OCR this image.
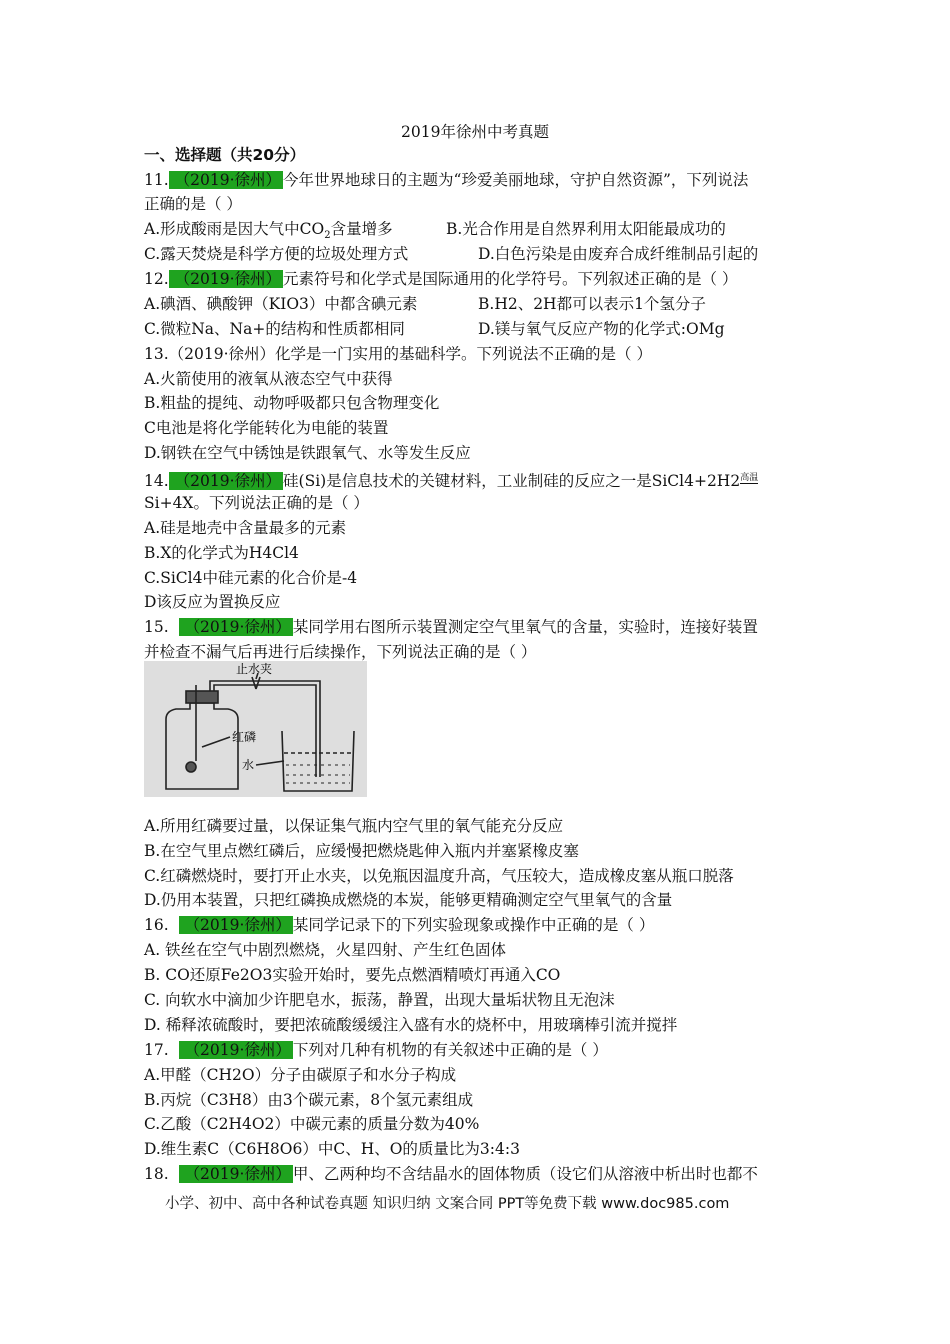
2019年徐州中考真题
一、选择题（共20分）
11. （2019·徐州） 今年世界地球日的主题为“珍爱美丽地球，守护自然资源”，下列说法
正确的是（ ）
A.形成酸雨是因大气中$CO_2$含量增多	B.光合作用是自然界利用太阳能最成功的
C.露天焚烧是科学方便的垃圾处理方式	D.白色污染是由废弃合成纤维制品引起的
12. （2019·徐州） 元素符号和化学式是国际通用的化学符号。下列叙述正确的是（ ）
A.碘酒、碘酸钾（KIO3）中都含碘元素	B.H2、2H都可以表示1个氢分子
C.微粒Na、Na+的结构和性质都相同	D.镁与氧气反应产物的化学式:OMg
13.（2019·徐州）化学是一门实用的基础科学。下列说法不正确的是（ ）
A.火箭使用的液氧从液态空气中获得
B.粗盐的提纯、动物呼吸都只包含物理变化
C电池是将化学能转化为电能的装置
D.钢铁在空气中锈蚀是铁跟氧气、水等发生反应
14. （2019·徐州） 硅(Si)是信息技术的关键材料，工业制硅的反应之一是$SiCl4+2H2^{高温}$
Si+4X。下列说法正确的是（ ）
A.硅是地壳中含量最多的元素
B.X的化学式为H4Cl4
C.SiCl4中硅元素的化合价是-4
D该反应为置换反应
15. （2019·徐州） 某同学用右图所示装置测定空气里氧气的含量，实验时，连接好装置
并检查不漏气后再进行后续操作，下列说法正确的是（ ）
止水夹
红磷
水
A.所用红磷要过量，以保证集气瓶内空气里的氧气能充分反应
B.在空气里点燃红磷后，应缓慢把燃烧匙伸入瓶内并塞紧橡皮塞
C.红磷燃烧时，要打开止水夹，以免瓶因温度升高，气压较大，造成橡皮塞从瓶口脱落
D.仍用本装置，只把红磷换成燃烧的本炭，能够更精确测定空气里氧气的含量
16. （2019·徐州） 某同学记录下的下列实验现象或操作中正确的是（ ）
A. 铁丝在空气中剧烈燃烧，火星四射、产生红色固体
B. CO还原Fe2O3实验开始时，要先点燃酒精喷灯再通入CO
C. 向软水中滴加少许肥皂水，振荡，静置，出现大量垢状物且无泡沫
D. 稀释浓硫酸时，要把浓硫酸缓缓注入盛有水的烧杯中，用玻璃棒引流并搅拌
17. （2019·徐州） 下列对几种有机物的有关叙述中正确的是（ ）
A.甲醛（CH2O）分子由碳原子和水分子构成
B.丙烷（C3H8）由3个碳元素，8个氢元素组成
C.乙酸（C2H4O2）中碳元素的质量分数为40%
D.维生素C（C6H8O6）中C、H、O的质量比为3:4:3
18. （2019·徐州） 甲、乙两种均不含结晶水的固体物质（设它们从溶液中析出时也都不
小学、初中、高中各种试卷真题 知识归纳 文案合同 PPT等免费下载 www.doc985.com
